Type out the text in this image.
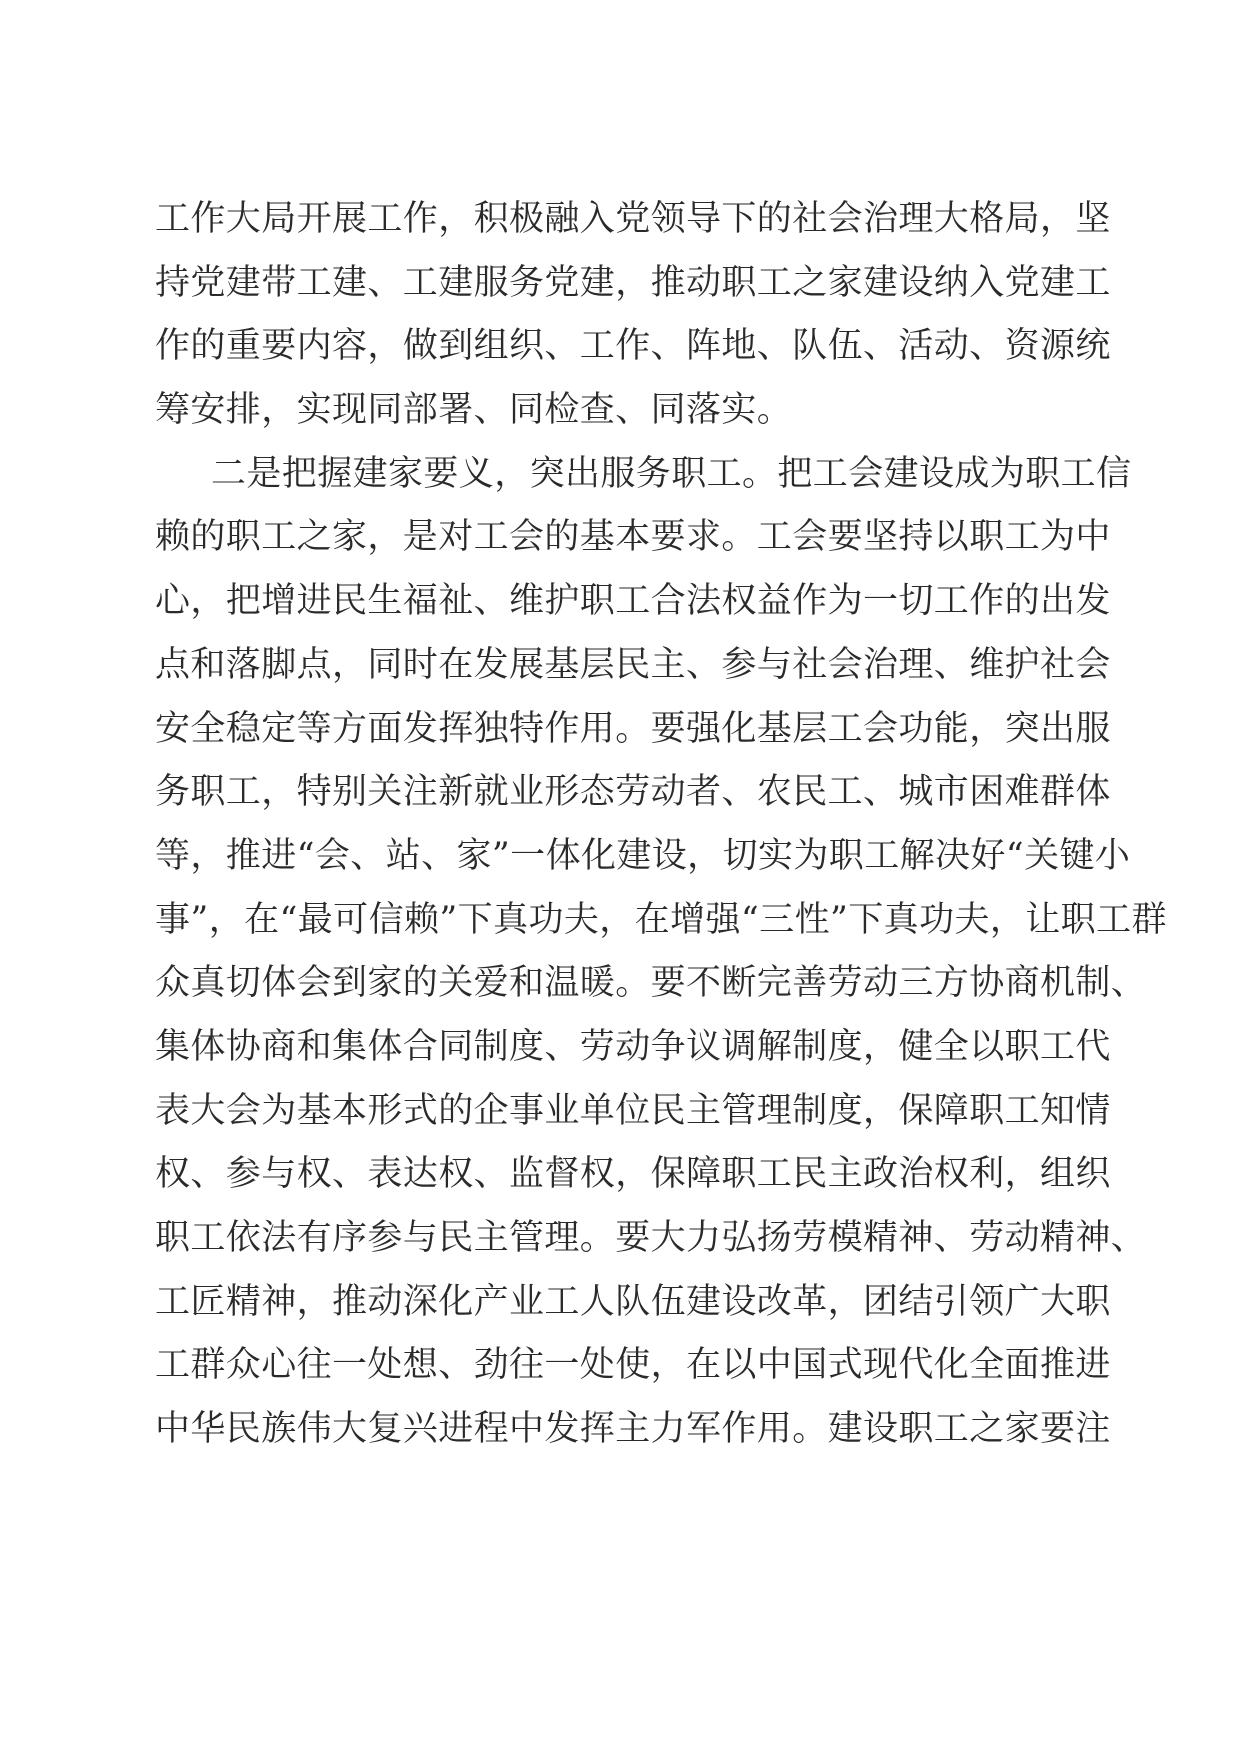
工作大局开展工作，积极融入党领导下的社会治理大格局，坚
持党建带工建、工建服务党建，推动职工之家建设纳入党建工
作的重要内容，做到组织、工作、阵地、队伍、活动、资源统
筹安排，实现同部署、同检查、同落实。
二是把握建家要义，突出服务职工。把工会建设成为职工信
赖的职工之家，是对工会的基本要求。工会要坚持以职工为中
心，把增进民生福祉、维护职工合法权益作为一切工作的出发
点和落脚点，同时在发展基层民主、参与社会治理、维护社会
安全稳定等方面发挥独特作用。要强化基层工会功能，突出服
务职工，特别关注新就业形态劳动者、农民工、城市困难群体
等，推进“会、站、家”一体化建设，切实为职工解决好“关键小
事”，在“最可信赖”下真功夫，在增强“三性”下真功夫，让职工群
众真切体会到家的关爱和温暖。要不断完善劳动三方协商机制、
集体协商和集体合同制度、劳动争议调解制度，健全以职工代
表大会为基本形式的企事业单位民主管理制度，保障职工知情
权、参与权、表达权、监督权，保障职工民主政治权利，组织
职工依法有序参与民主管理。要大力弘扬劳模精神、劳动精神、
工匠精神，推动深化产业工人队伍建设改革，团结引领广大职
工群众心往一处想、劲往一处使，在以中国式现代化全面推进
中华民族伟大复兴进程中发挥主力军作用。建设职工之家要注
